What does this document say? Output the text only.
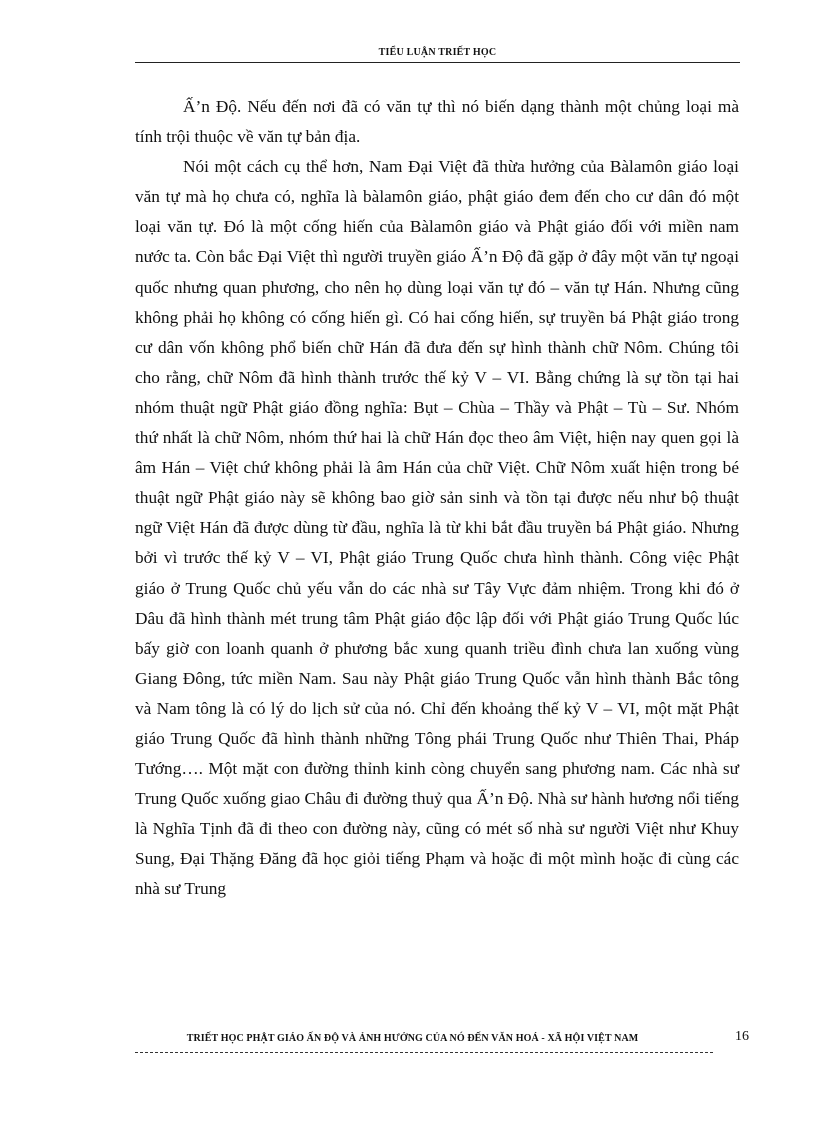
TIỂU LUẬN TRIẾT HỌC

Ấ’n Độ. Nếu đến nơi đã có văn tự thì nó biến dạng thành một chủng loại mà tính trội thuộc về văn tự bản địa.

Nói một cách cụ thể hơn, Nam Đại Việt đã thừa hưởng của Bàlamôn giáo loại văn tự mà họ chưa có, nghĩa là bàlamôn giáo, phật giáo đem đến cho cư dân đó một loại văn tự. Đó là một cống hiến của Bàlamôn giáo và Phật giáo đối với miền nam nước ta. Còn bắc Đại Việt thì người truyền giáo Ấ’n Độ đã gặp ở đây một văn tự ngoại quốc nhưng quan phương, cho nên họ dùng loại văn tự đó – văn tự Hán. Nhưng cũng không phải họ không có cống hiến gì. Có hai cống hiến, sự truyền bá Phật giáo trong cư dân vốn không phổ biến chữ Hán đã đưa đến sự hình thành chữ Nôm. Chúng tôi cho rằng, chữ Nôm đã hình thành trước thế kỷ V – VI. Bằng chứng là sự tồn tại hai nhóm thuật ngữ Phật giáo đồng nghĩa: Bụt – Chùa – Thầy và Phật – Tù – Sư. Nhóm thứ nhất là chữ Nôm, nhóm thứ hai là chữ Hán đọc theo âm Việt, hiện nay quen gọi là âm Hán – Việt chứ không phải là âm Hán của chữ Việt. Chữ Nôm xuất hiện trong bé thuật ngữ Phật giáo này sẽ không bao giờ sản sinh và tồn tại được nếu như bộ thuật ngữ Việt Hán đã được dùng từ đầu, nghĩa là từ khi bắt đầu truyền bá Phật giáo. Nhưng bởi vì trước thế kỷ V – VI, Phật giáo Trung Quốc chưa hình thành. Công việc Phật giáo ở Trung Quốc chủ yếu vẫn do các nhà sư Tây Vực đảm nhiệm. Trong khi đó ở Dâu đã hình thành mét trung tâm Phật giáo độc lập đối với Phật giáo Trung Quốc lúc bấy giờ con loanh quanh ở phương bắc xung quanh triều đình chưa lan xuống vùng Giang Đông, tức miền Nam. Sau này Phật giáo Trung Quốc vẫn hình thành Bắc tông và Nam tông là có lý do lịch sử của nó. Chỉ đến khoảng thế kỷ V – VI, một mặt Phật giáo Trung Quốc đã hình thành những Tông phái Trung Quốc như Thiên Thai, Pháp Tướng…. Một mặt con đường thỉnh kinh còng chuyển sang phương nam. Các nhà sư Trung Quốc xuống giao Châu đi đường thuỷ qua Ấ’n Độ. Nhà sư hành hương nổi tiếng là Nghĩa Tịnh đã đi theo con đường này, cũng có mét số nhà sư người Việt như Khuy Sung, Đại Thặng Đăng đã học giỏi tiếng Phạm và hoặc đi một mình hoặc đi cùng các nhà sư Trung

TRIẾT HỌC PHẬT GIÁO ẤN ĐỘ VÀ ẢNH HƯỞNG CỦA NÓ ĐẾN VĂN HOÁ - XÃ HỘI VIỆT NAM	16
